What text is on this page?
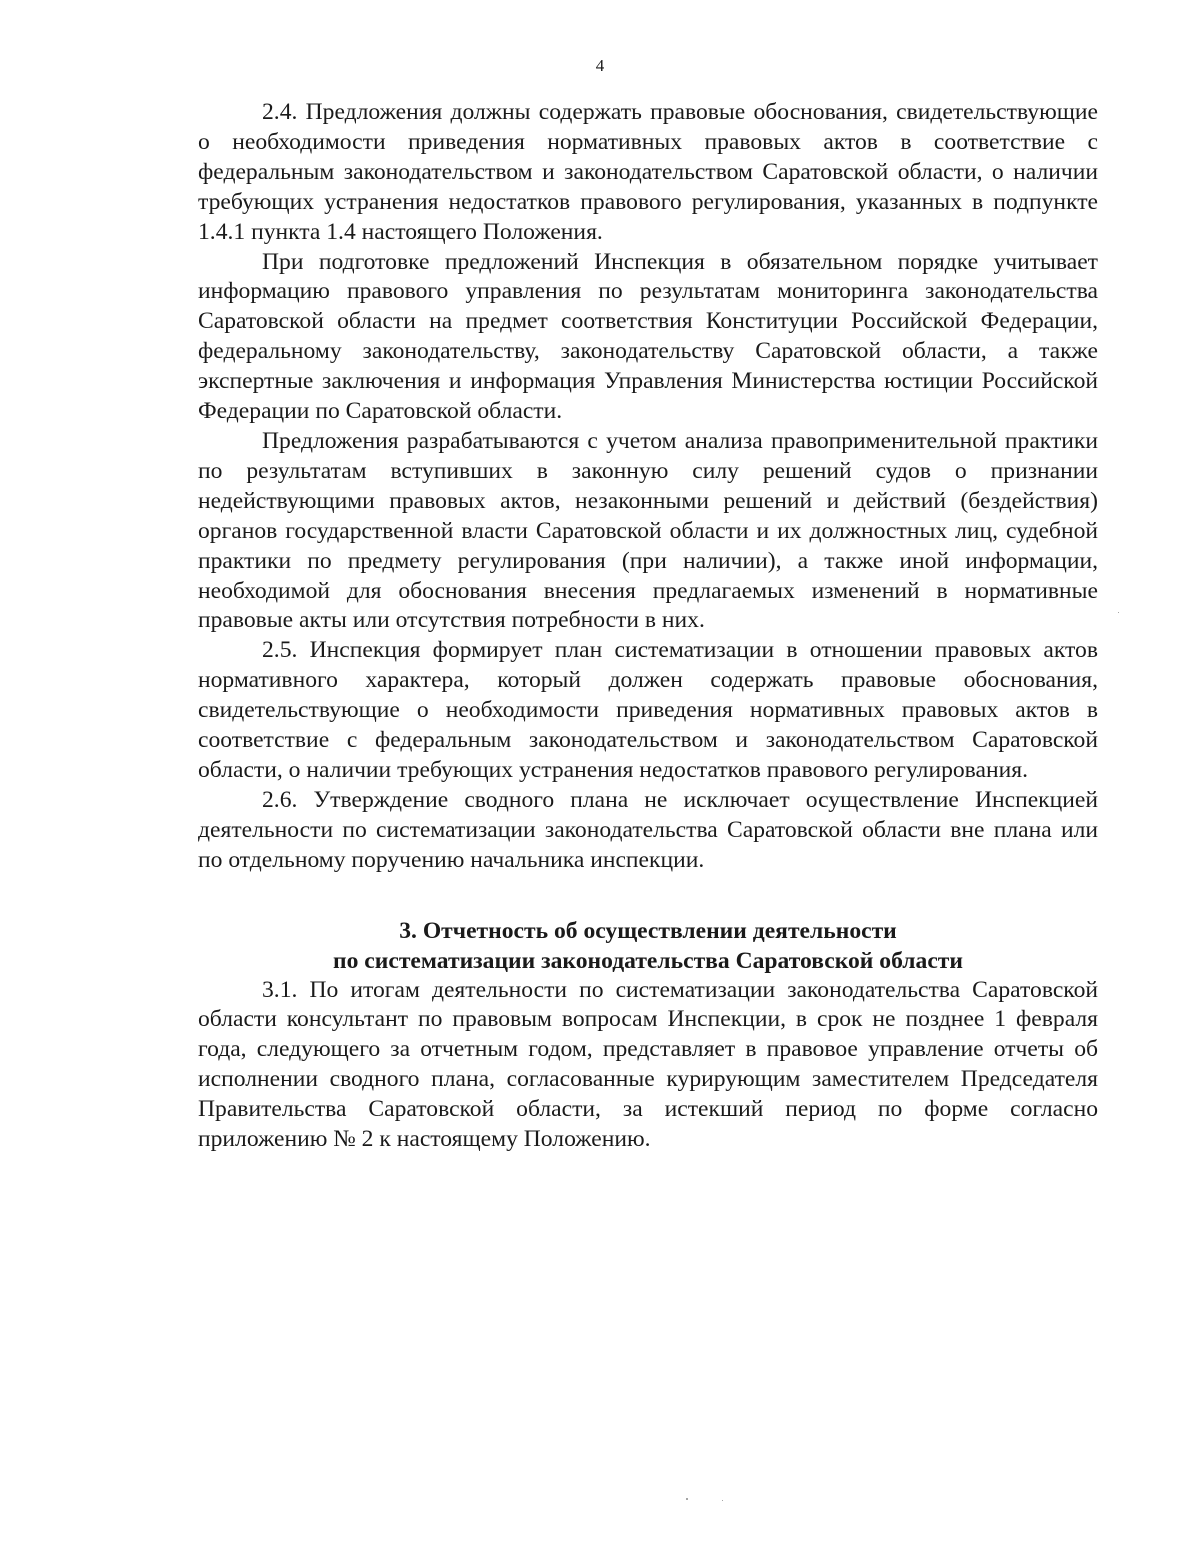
4

2.4. Предложения должны содержать правовые обоснования, свидетельствующие о необходимости приведения нормативных правовых актов в соответствие с федеральным законодательством и законодательством Саратовской области, о наличии требующих устранения недостатков правового регулирования, указанных в подпункте 1.4.1 пункта 1.4 настоящего Положения.

При подготовке предложений Инспекция в обязательном порядке учитывает информацию правового управления по результатам мониторинга законодательства Саратовской области на предмет соответствия Конституции Российской Федерации, федеральному законодательству, законодательству Саратовской области, а также экспертные заключения и информация Управления Министерства юстиции Российской Федерации по Саратовской области.

Предложения разрабатываются с учетом анализа правоприменительной практики по результатам вступивших в законную силу решений судов о признании недействующими правовых актов, незаконными решений и действий (бездействия) органов государственной власти Саратовской области и их должностных лиц, судебной практики по предмету регулирования (при наличии), а также иной информации, необходимой для обоснования внесения предлагаемых изменений в нормативные правовые акты или отсутствия потребности в них.

2.5. Инспекция формирует план систематизации в отношении правовых актов нормативного характера, который должен содержать правовые обоснования, свидетельствующие о необходимости приведения нормативных правовых актов в соответствие с федеральным законодательством и законодательством Саратовской области, о наличии требующих устранения недостатков правового регулирования.

2.6. Утверждение сводного плана не исключает осуществление Инспекцией деятельности по систематизации законодательства Саратовской области вне плана или по отдельному поручению начальника инспекции.

3. Отчетность об осуществлении деятельности
по систематизации законодательства Саратовской области

3.1. По итогам деятельности по систематизации законодательства Саратовской области консультант по правовым вопросам Инспекции, в срок не позднее 1 февраля года, следующего за отчетным годом, представляет в правовое управление отчеты об исполнении сводного плана, согласованные курирующим заместителем Председателя Правительства Саратовской области, за истекший период по форме согласно приложению № 2 к настоящему Положению.
